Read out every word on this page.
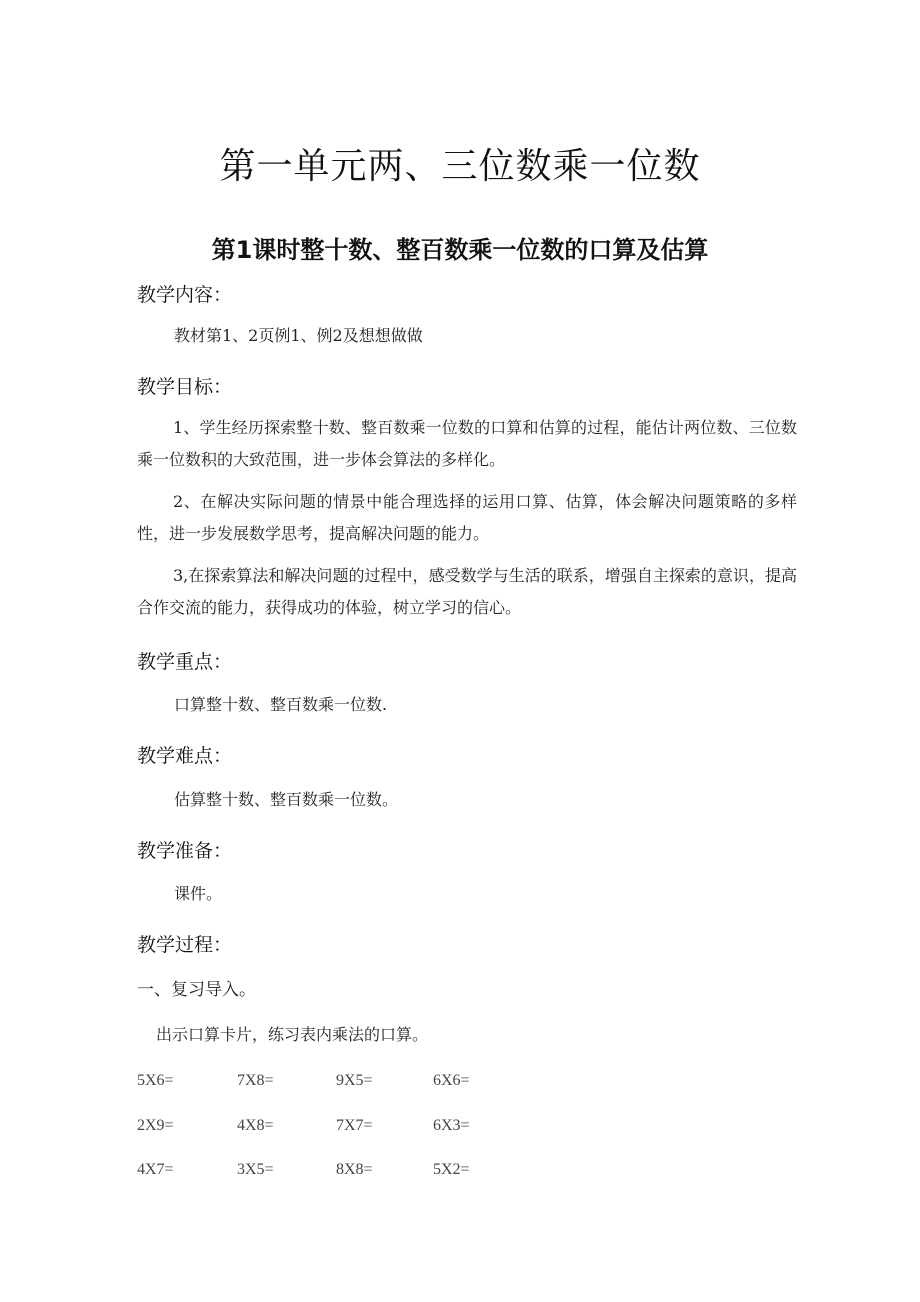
第一单元两、三位数乘一位数
第1课时整十数、整百数乘一位数的口算及估算
教学内容：
教材第1、2页例1、例2及想想做做
教学目标：
1、学生经历探索整十数、整百数乘一位数的口算和估算的过程，能估计两位数、三位数乘一位数积的大致范围，进一步体会算法的多样化。
2、在解决实际问题的情景中能合理选择的运用口算、估算，体会解决问题策略的多样性，进一步发展数学思考，提高解决问题的能力。
3,在探索算法和解决问题的过程中，感受数学与生活的联系，增强自主探索的意识，提高合作交流的能力，获得成功的体验，树立学习的信心。
教学重点：
口算整十数、整百数乘一位数.
教学难点：
估算整十数、整百数乘一位数。
教学准备：
课件。
教学过程：
一、复习导入。
出示口算卡片，练习表内乘法的口算。
5X6=	7X8=	9X5=	6X6=
2X9=	4X8=	7X7=	6X3=
4X7=	3X5=	8X8=	5X2=
